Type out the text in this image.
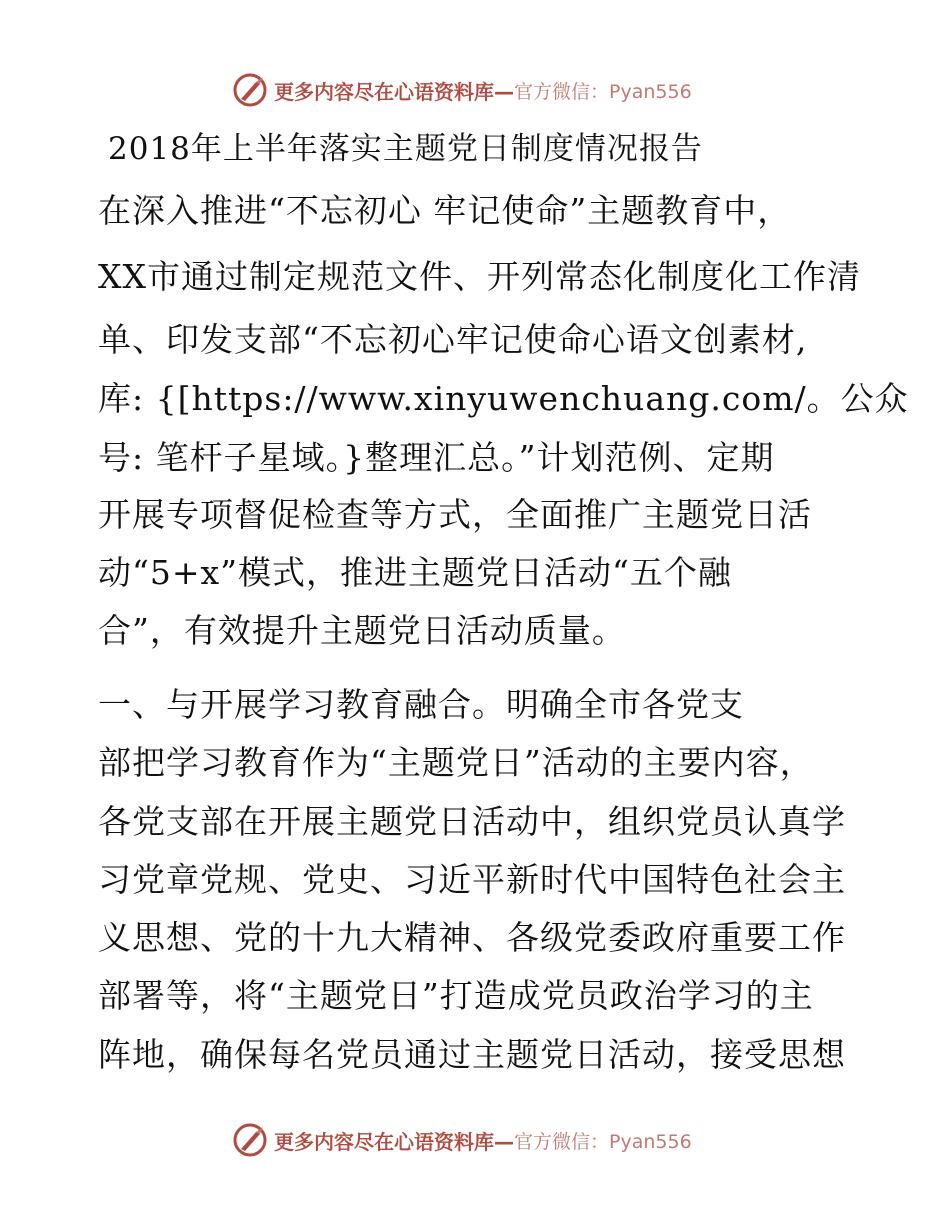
更多内容尽在心语资料库— 官方微信：Pyan556
2018年上半年落实主题党日制度情况报告
在深入推进“不忘初心 牢记使命”主题教育中，
XX市通过制定规范文件、开列常态化制度化工作清
单、印发支部“不忘初心牢记使命心语文创素材,
库: {[https://www.xinyuwenchuang.com/。公众
号: 笔杆子星域。}整理汇总。”计划范例、定期
开展专项督促检查等方式，全面推广主题党日活
动“5+x”模式，推进主题党日活动“五个融
合”，有效提升主题党日活动质量。
一、与开展学习教育融合。明确全市各党支
部把学习教育作为“主题党日”活动的主要内容，
各党支部在开展主题党日活动中，组织党员认真学
习党章党规、党史、习近平新时代中国特色社会主
义思想、党的十九大精神、各级党委政府重要工作
部署等，将“主题党日”打造成党员政治学习的主
阵地，确保每名党员通过主题党日活动，接受思想
更多内容尽在心语资料库— 官方微信：Pyan556
